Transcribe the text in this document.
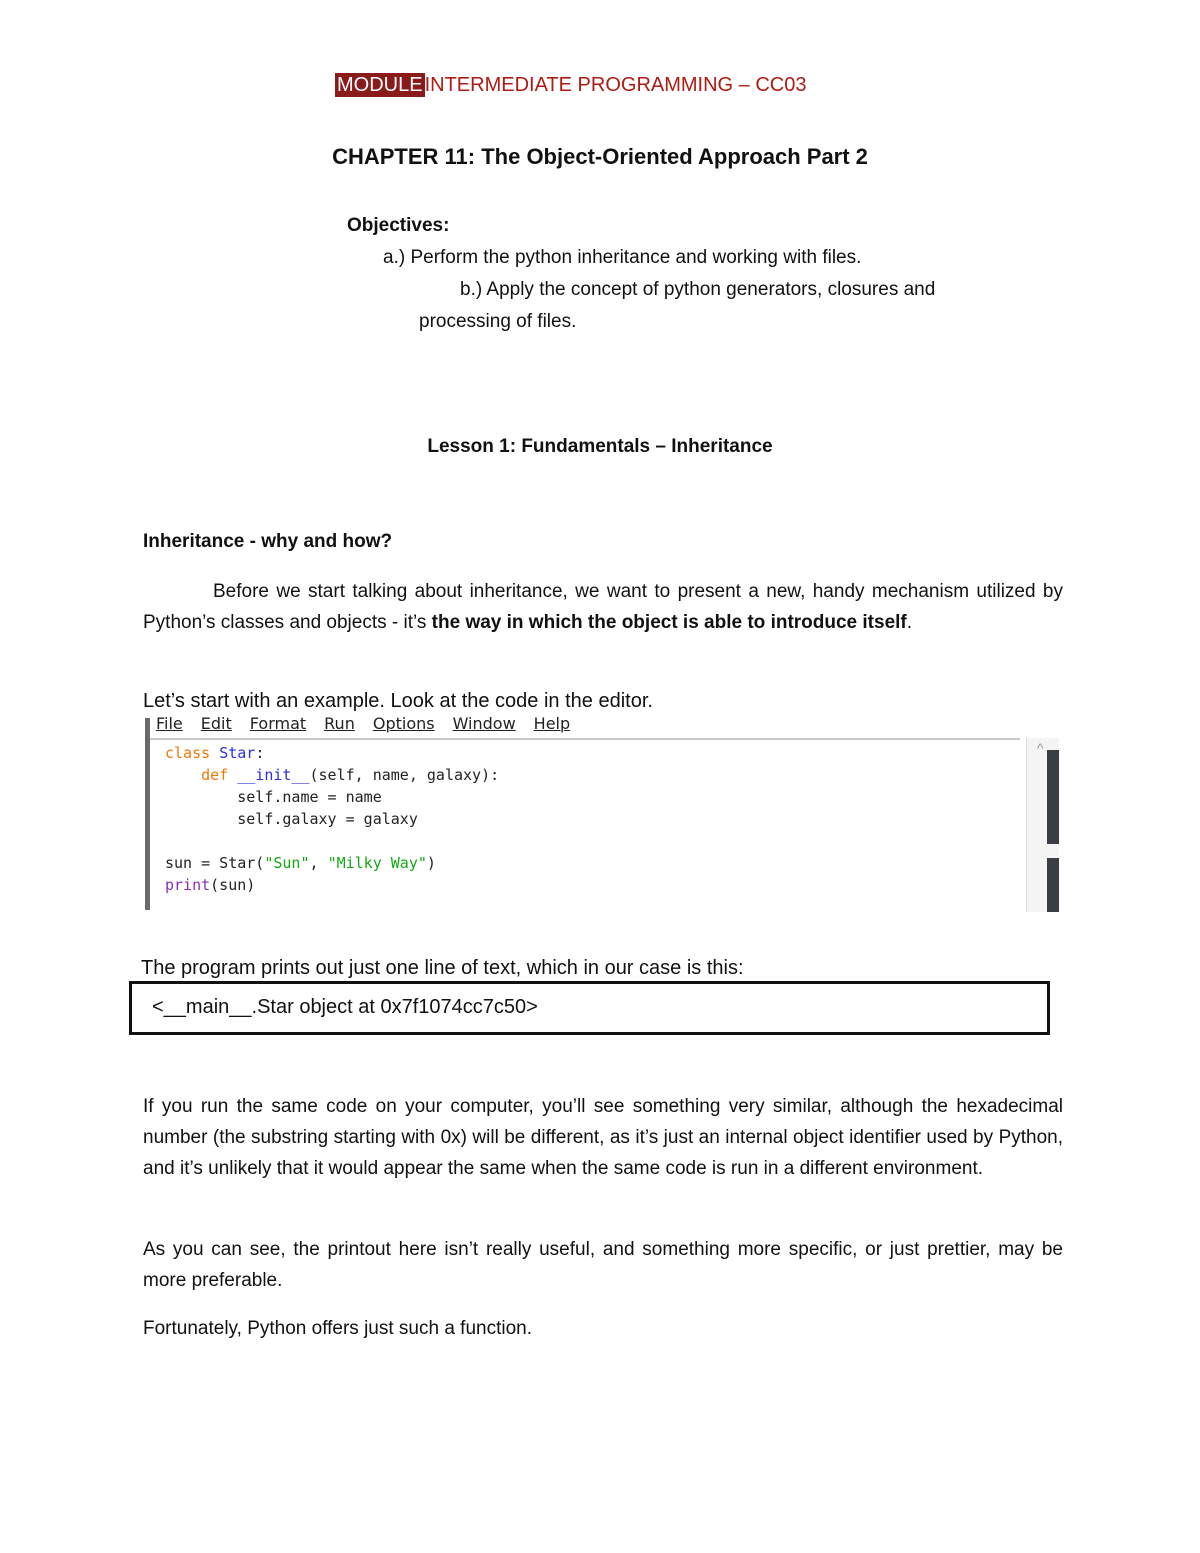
MODULE INTERMEDIATE PROGRAMMING – CC03
CHAPTER 11: The Object-Oriented Approach Part 2
Objectives:
a.) Perform the python inheritance and working with files.
b.) Apply the concept of python generators, closures and
processing of files.
Lesson 1: Fundamentals – Inheritance
Inheritance - why and how?
Before we start talking about inheritance, we want to present a new, handy mechanism utilized by Python’s classes and objects - it’s the way in which the object is able to introduce itself.
Let’s start with an example. Look at the code in the editor.
File Edit Format Run Options Window Help
class Star:
def __init__(self, name, galaxy):
self.name = name
self.galaxy = galaxy
sun = Star("Sun", "Milky Way")
print(sun)
^
The program prints out just one line of text, which in our case is this:
<__main__.Star object at 0x7f1074cc7c50>
If you run the same code on your computer, you’ll see something very similar, although the hexadecimal number (the substring starting with 0x) will be different, as it’s just an internal object identifier used by Python, and it’s unlikely that it would appear the same when the same code is run in a different environment.
As you can see, the printout here isn’t really useful, and something more specific, or just prettier, may be more preferable.
Fortunately, Python offers just such a function.
